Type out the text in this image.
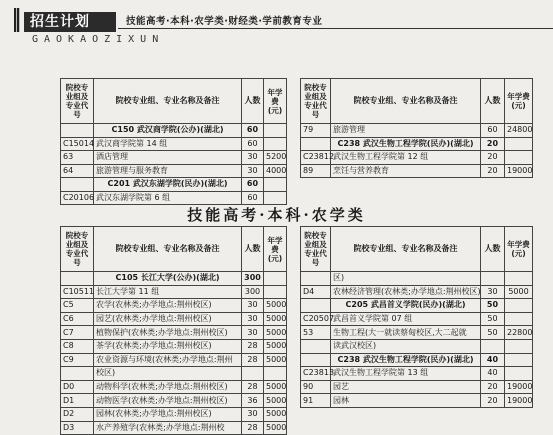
招生计划	技能高考·本科·农学类·财经类·学前教育专业
GAOKAOZIXUN
院校专业组及专业代号	院校专业组、专业名称及备注	人数	年学费(元)
	C150 武汉商学院(公办)(湖北)	60	
C15014	武汉商学院第 14 组	60	
63	酒店管理	30	5200
64	旅游管理与服务教育	30	4000
	C201 武汉东湖学院(民办)(湖北)	60	
C20106	武汉东湖学院第 6 组	60	
院校专业组及专业代号	院校专业组、专业名称及备注	人数	年学费(元)
79	旅游管理	60	24800
	C238 武汉生物工程学院(民办)(湖北)	20	
C23812	武汉生物工程学院第 12 组	20	
89	烹饪与营养教育	20	19000
技能高考·本科·农学类
院校专业组及专业代号	院校专业组、专业名称及备注	人数	年学费(元)
	C105 长江大学(公办)(湖北)	300	
C10511	长江大学第 11 组	300	
C5	农学(农林类;办学地点:荆州校区)	30	5000
C6	园艺(农林类;办学地点:荆州校区)	30	5000
C7	植物保护(农林类;办学地点:荆州校区)	30	5000
C8	茶学(农林类;办学地点:荆州校区)	28	5000
C9	农业资源与环境(农林类;办学地点:荆州	28	5000
	校区)		
D0	动物科学(农林类;办学地点:荆州校区)	28	5000
D1	动物医学(农林类;办学地点:荆州校区)	36	5000
D2	园林(农林类;办学地点:荆州校区)	30	5000
D3	水产养殖学(农林类;办学地点:荆州校	28	5000
院校专业组及专业代号	院校专业组、专业名称及备注	人数	年学费(元)
	区)		
D4	农林经济管理(农林类;办学地点:荆州校区)	30	5000
	C205 武昌首义学院(民办)(湖北)	50	
C20507	武昌首义学院第 07 组	50	
53	生物工程(大一就读蔡甸校区,大二起就	50	22800
	读武汉校区)		
	C238 武汉生物工程学院(民办)(湖北)	40	
C23813	武汉生物工程学院第 13 组	40	
90	园艺	20	19000
91	园林	20	19000
